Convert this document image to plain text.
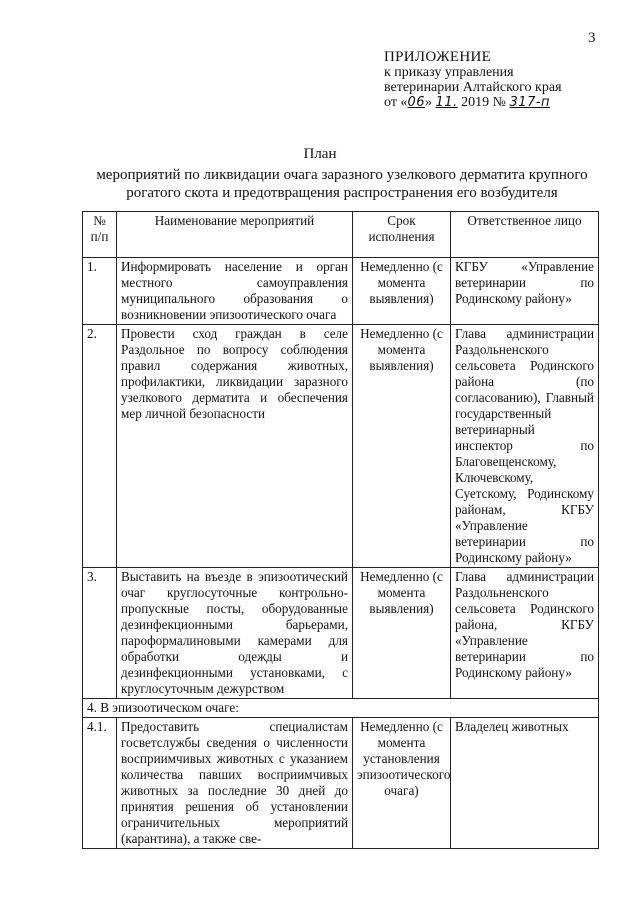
3
ПРИЛОЖЕНИЕ
к приказу управления
ветеринарии Алтайского края
от «06» 11. 2019 № 317-п
План
мероприятий по ликвидации очага заразного узелкового дерматита крупного рогатого скота и предотвращения распространения его возбудителя
№ п/п	Наименование мероприятий	Срок исполнения	Ответственное лицо
1.	Информировать население и орган местного самоуправления муниципального образования о возникновении эпизоотического очага	Немедленно (с момента выявления)	КГБУ «Управление ветеринарии по Родинскому району»
2.	Провести сход граждан в селе Раздольное по вопросу соблюдения правил содержания животных, профилактики, ликвидации заразного узелкового дерматита и обеспечения мер личной безопасности	Немедленно (с момента выявления)	Глава администрации Раздольненского сельсовета Родинского района (по согласованию), Главный государственный ветеринарный инспектор по Благовещенскому, Ключевскому, Суетскому, Родинскому районам, КГБУ «Управление ветеринарии по Родинскому району»
3.	Выставить на въезде в эпизоотический очаг круглосуточные контрольно-пропускные посты, оборудованные дезинфекционными барьерами, пароформалиновыми камерами для обработки одежды и дезинфекционными установками, с круглосуточным дежурством	Немедленно (с момента выявления)	Глава администрации Раздольненского сельсовета Родинского района, КГБУ «Управление ветеринарии по Родинскому району»
4. В эпизоотическом очаге:			
4.1.	Предоставить специалистам госветслужбы сведения о численности восприимчивых животных с указанием количества павших восприимчивых животных за последние 30 дней до принятия решения об установлении ограничительных мероприятий (карантина), а также све-	Немедленно (с момента установления эпизоотического очага)	Владелец животных
